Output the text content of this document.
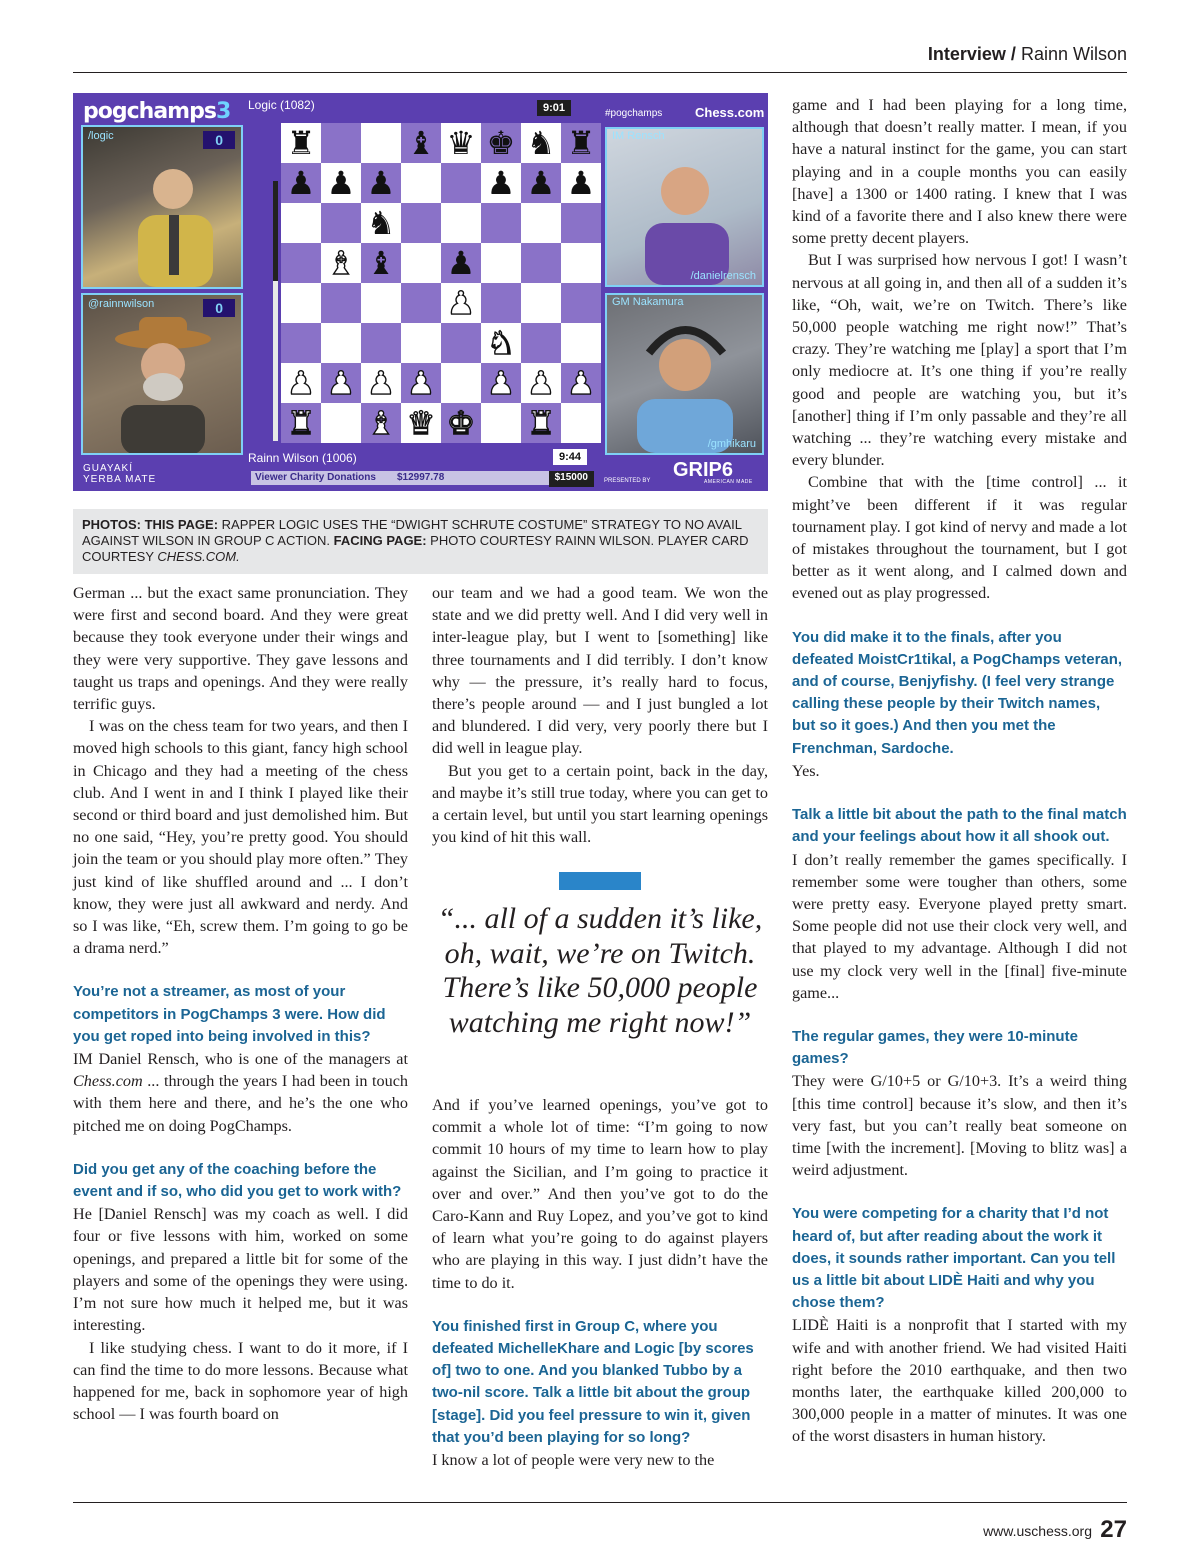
Interview / Rainn Wilson
pogchamps3
/logic	0
@rainnwilson	0
Logic (1082)	9:01
♜	♝ ♛ ♚ ♞ ♜
♟ ♟ ♟	♟ ♟ ♟
♞
♝ ♝ ♟
♟
♞
♟ ♟ ♟ ♟ ♟ ♟ ♟
♜ ♝ ♛ ♚ ♜
Rainn Wilson (1006)	9:44
Viewer Charity Donations $12997.78	$15000
#pogchamps	Chess.com
IM Rensch
/danielrensch
GM Nakamura
/gmhikaru
GUAYAKÍ
YERBA MATE	PRESENTED BY GRIP6
AMERICAN MADE
PHOTOS: THIS PAGE: RAPPER LOGIC USES THE “DWIGHT SCHRUTE COSTUME” STRATEGY TO NO AVAIL AGAINST WILSON IN GROUP C ACTION. FACING PAGE: PHOTO COURTESY RAINN WILSON. PLAYER CARD COURTESY CHESS.COM.

German ... but the exact same pronunciation. They were first and second board. And they were great because they took everyone under their wings and they were very supportive. They gave lessons and taught us traps and openings. And they were really terrific guys.

I was on the chess team for two years, and then I moved high schools to this giant, fancy high school in Chicago and they had a meeting of the chess club. And I went in and I think I played like their second or third board and just demolished him. But no one said, “Hey, you’re pretty good. You should join the team or you should play more often.” They just kind of like shuffled around and ... I don’t know, they were just all awkward and nerdy. And so I was like, “Eh, screw them. I’m going to go be a drama nerd.”

You’re not a streamer, as most of your competitors in PogChamps 3 were. How did you get roped into being involved in this?

IM Daniel Rensch, who is one of the managers at Chess.com ... through the years I had been in touch with them here and there, and he’s the one who pitched me on doing PogChamps.

Did you get any of the coaching before the event and if so, who did you get to work with?

He [Daniel Rensch] was my coach as well. I did four or five lessons with him, worked on some openings, and prepared a little bit for some of the players and some of the openings they were using. I’m not sure how much it helped me, but it was interesting.

I like studying chess. I want to do it more, if I can find the time to do more lessons. Because what happened for me, back in sophomore year of high school — I was fourth board on

our team and we had a good team. We won the state and we did pretty well. And I did very well in inter-league play, but I went to [something] like three tournaments and I did terribly. I don’t know why — the pressure, it’s really hard to focus, there’s people around — and I just bungled a lot and blundered. I did very, very poorly there but I did well in league play.

But you get to a certain point, back in the day, and maybe it’s still true today, where you can get to a certain level, but until you start learning openings you kind of hit this wall.

“... all of a sudden it’s like, oh, wait, we’re on Twitch. There’s like 50,000 people watching me right now!”

And if you’ve learned openings, you’ve got to commit a whole lot of time: “I’m going to now commit 10 hours of my time to learn how to play against the Sicilian, and I’m going to practice it over and over.” And then you’ve got to do the Caro-Kann and Ruy Lopez, and you’ve got to kind of learn what you’re going to do against players who are playing in this way. I just didn’t have the time to do it.

You finished first in Group C, where you defeated MichelleKhare and Logic [by scores of] two to one. And you blanked Tubbo by a two-nil score. Talk a little bit about the group [stage]. Did you feel pressure to win it, given that you’d been playing for so long?

I know a lot of people were very new to the

game and I had been playing for a long time, although that doesn’t really matter. I mean, if you have a natural instinct for the game, you can start playing and in a couple months you can easily [have] a 1300 or 1400 rating. I knew that I was kind of a favorite there and I also knew there were some pretty decent players.

But I was surprised how nervous I got! I wasn’t nervous at all going in, and then all of a sudden it’s like, “Oh, wait, we’re on Twitch. There’s like 50,000 people watching me right now!” That’s crazy. They’re watching me [play] a sport that I’m only mediocre at. It’s one thing if you’re really good and people are watching you, but it’s [another] thing if I’m only passable and they’re all watching ... they’re watching every mistake and every blunder.

Combine that with the [time control] ... it might’ve been different if it was regular tournament play. I got kind of nervy and made a lot of mistakes throughout the tournament, but I got better as it went along, and I calmed down and evened out as play progressed.

You did make it to the finals, after you defeated MoistCr1tikal, a PogChamps veteran, and of course, Benjyfishy. (I feel very strange calling these people by their Twitch names, but so it goes.) And then you met the Frenchman, Sardoche.

Yes.

Talk a little bit about the path to the final match and your feelings about how it all shook out.

I don’t really remember the games specifically. I remember some were tougher than others, some were pretty easy. Everyone played pretty smart. Some people did not use their clock very well, and that played to my advantage. Although I did not use my clock very well in the [final] five-minute game...

The regular games, they were 10-minute games?

They were G/10+5 or G/10+3. It’s a weird thing [this time control] because it’s slow, and then it’s very fast, but you can’t really beat someone on time [with the increment]. [Moving to blitz was] a weird adjustment.

You were competing for a charity that I’d not heard of, but after reading about the work it does, it sounds rather important. Can you tell us a little bit about LIDÈ Haiti and why you chose them?

LIDÈ Haiti is a nonprofit that I started with my wife and with another friend. We had visited Haiti right before the 2010 earthquake, and then two months later, the earthquake killed 200,000 to 300,000 people in a matter of minutes. It was one of the worst disasters in human history.

www.uschess.org 27
